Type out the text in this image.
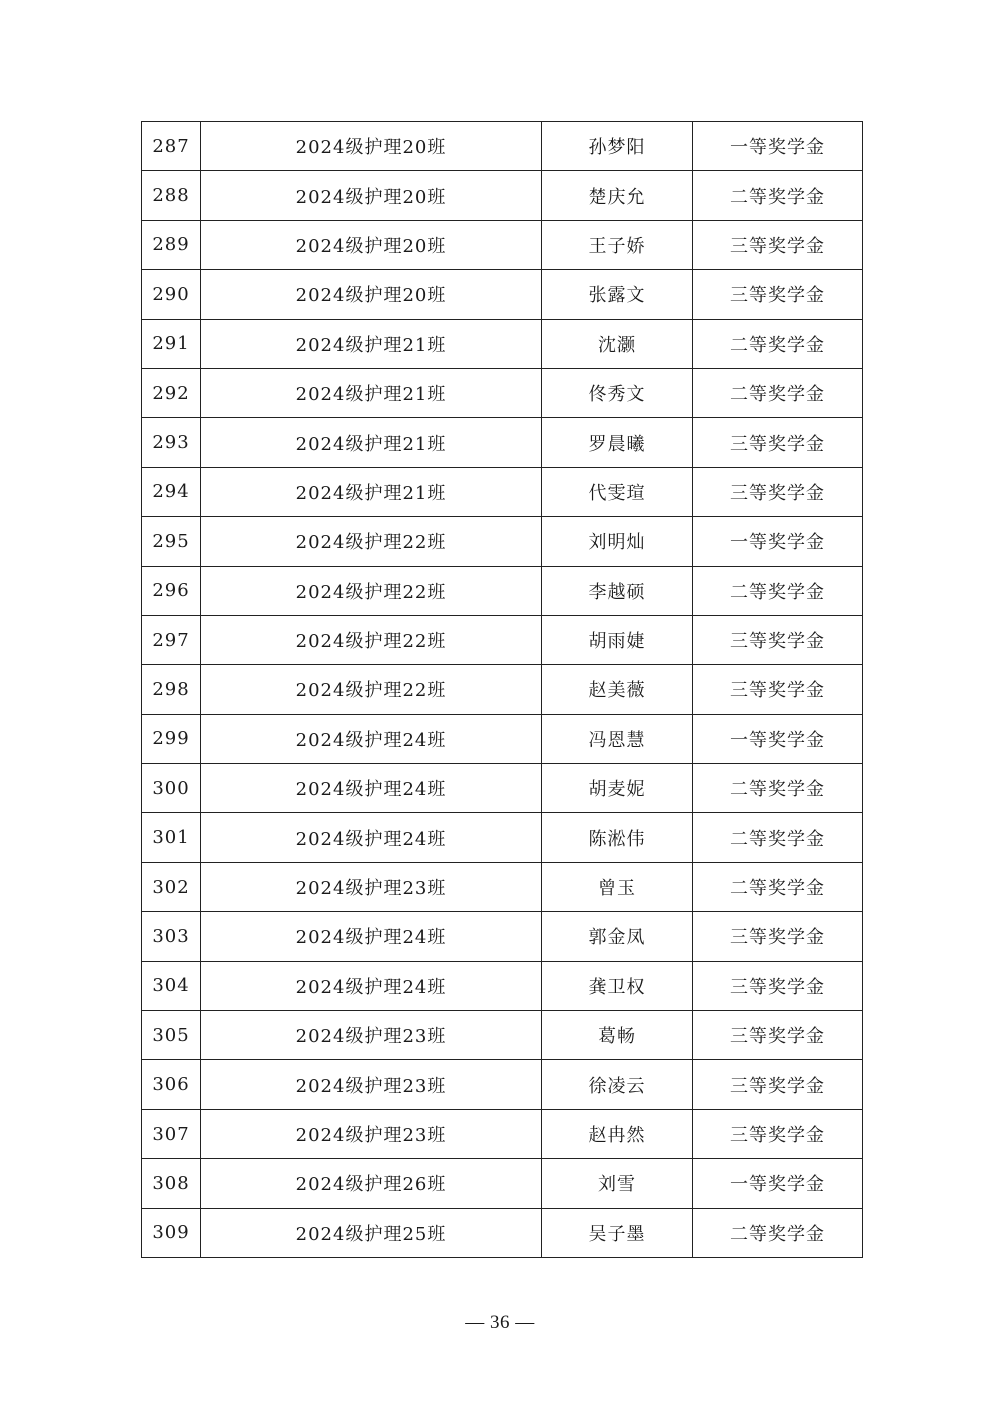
287	2024级护理20班	孙梦阳	一等奖学金
288	2024级护理20班	楚庆允	二等奖学金
289	2024级护理20班	王子娇	三等奖学金
290	2024级护理20班	张露文	三等奖学金
291	2024级护理21班	沈灏	二等奖学金
292	2024级护理21班	佟秀文	二等奖学金
293	2024级护理21班	罗晨曦	三等奖学金
294	2024级护理21班	代雯瑄	三等奖学金
295	2024级护理22班	刘明灿	一等奖学金
296	2024级护理22班	李越硕	二等奖学金
297	2024级护理22班	胡雨婕	三等奖学金
298	2024级护理22班	赵美薇	三等奖学金
299	2024级护理24班	冯恩慧	一等奖学金
300	2024级护理24班	胡麦妮	二等奖学金
301	2024级护理24班	陈淞伟	二等奖学金
302	2024级护理23班	曾玉	二等奖学金
303	2024级护理24班	郭金凤	三等奖学金
304	2024级护理24班	龚卫权	三等奖学金
305	2024级护理23班	葛畅	三等奖学金
306	2024级护理23班	徐凌云	三等奖学金
307	2024级护理23班	赵冉然	三等奖学金
308	2024级护理26班	刘雪	一等奖学金
309	2024级护理25班	吴子墨	二等奖学金
— 36 —
